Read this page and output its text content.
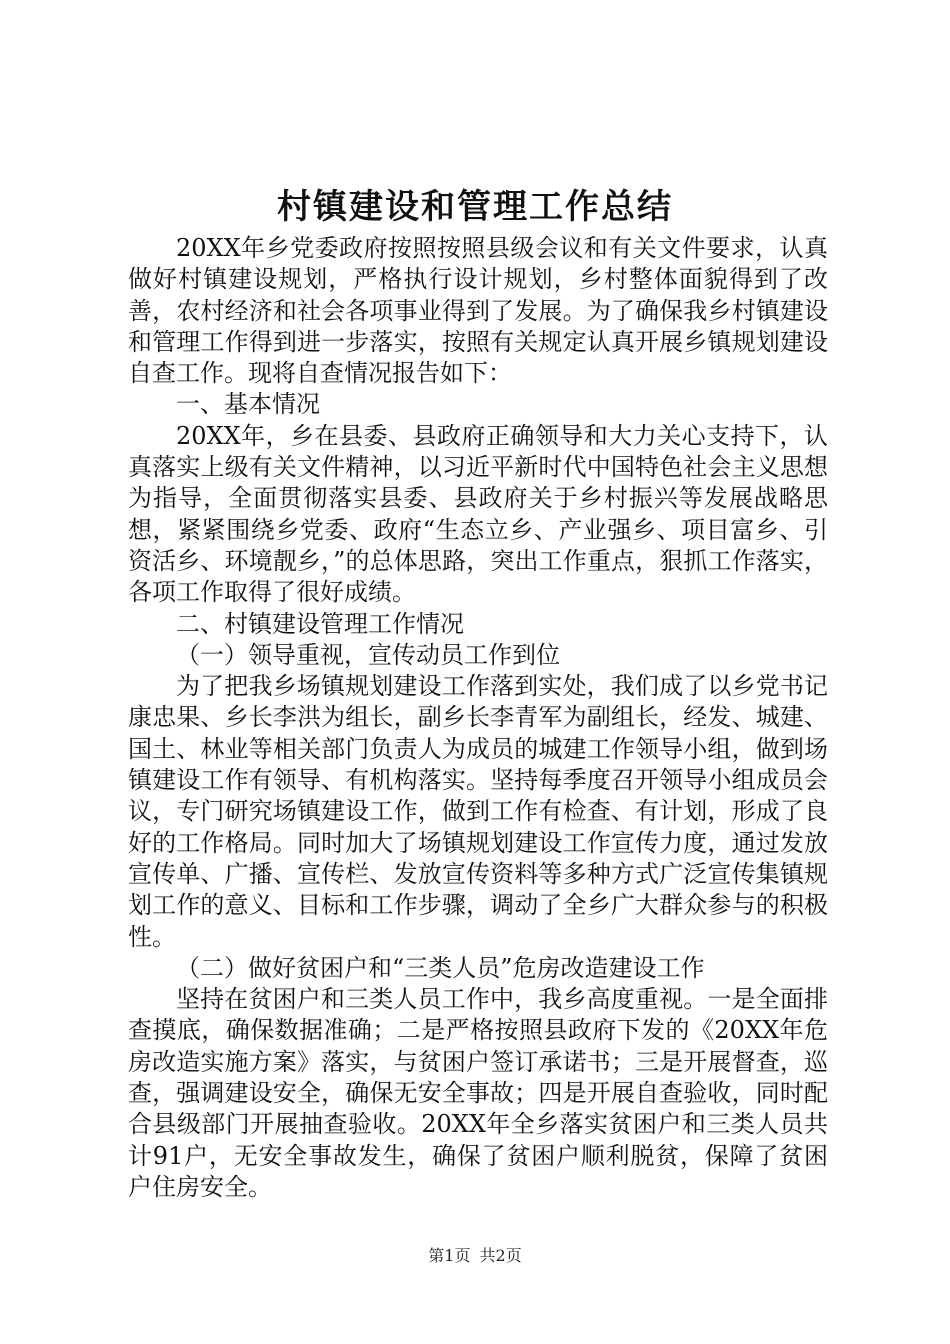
村镇建设和管理工作总结

20XX年乡党委政府按照按照县级会议和有关文件要求，认真做好村镇建设规划，严格执行设计规划，乡村整体面貌得到了改善，农村经济和社会各项事业得到了发展。为了确保我乡村镇建设和管理工作得到进一步落实，按照有关规定认真开展乡镇规划建设自查工作。现将自查情况报告如下：

一、基本情况

20XX年，乡在县委、县政府正确领导和大力关心支持下，认真落实上级有关文件精神，以习近平新时代中国特色社会主义思想为指导，全面贯彻落实县委、县政府关于乡村振兴等发展战略思想，紧紧围绕乡党委、政府“生态立乡、产业强乡、项目富乡、引资活乡、环境靓乡，”的总体思路，突出工作重点，狠抓工作落实，各项工作取得了很好成绩。

二、村镇建设管理工作情况

（一）领导重视，宣传动员工作到位

为了把我乡场镇规划建设工作落到实处，我们成了以乡党书记康忠果、乡长李洪为组长，副乡长李青军为副组长，经发、城建、国土、林业等相关部门负责人为成员的城建工作领导小组，做到场镇建设工作有领导、有机构落实。坚持每季度召开领导小组成员会议，专门研究场镇建设工作，做到工作有检查、有计划，形成了良好的工作格局。同时加大了场镇规划建设工作宣传力度，通过发放宣传单、广播、宣传栏、发放宣传资料等多种方式广泛宣传集镇规划工作的意义、目标和工作步骤，调动了全乡广大群众参与的积极性。

（二）做好贫困户和“三类人员”危房改造建设工作

坚持在贫困户和三类人员工作中，我乡高度重视。一是全面排查摸底，确保数据准确；二是严格按照县政府下发的《20XX年危房改造实施方案》落实，与贫困户签订承诺书；三是开展督查，巡查，强调建设安全，确保无安全事故；四是开展自查验收，同时配合县级部门开展抽查验收。20XX年全乡落实贫困户和三类人员共计91户，无安全事故发生，确保了贫困户顺利脱贫，保障了贫困户住房安全。

第1页 共2页
